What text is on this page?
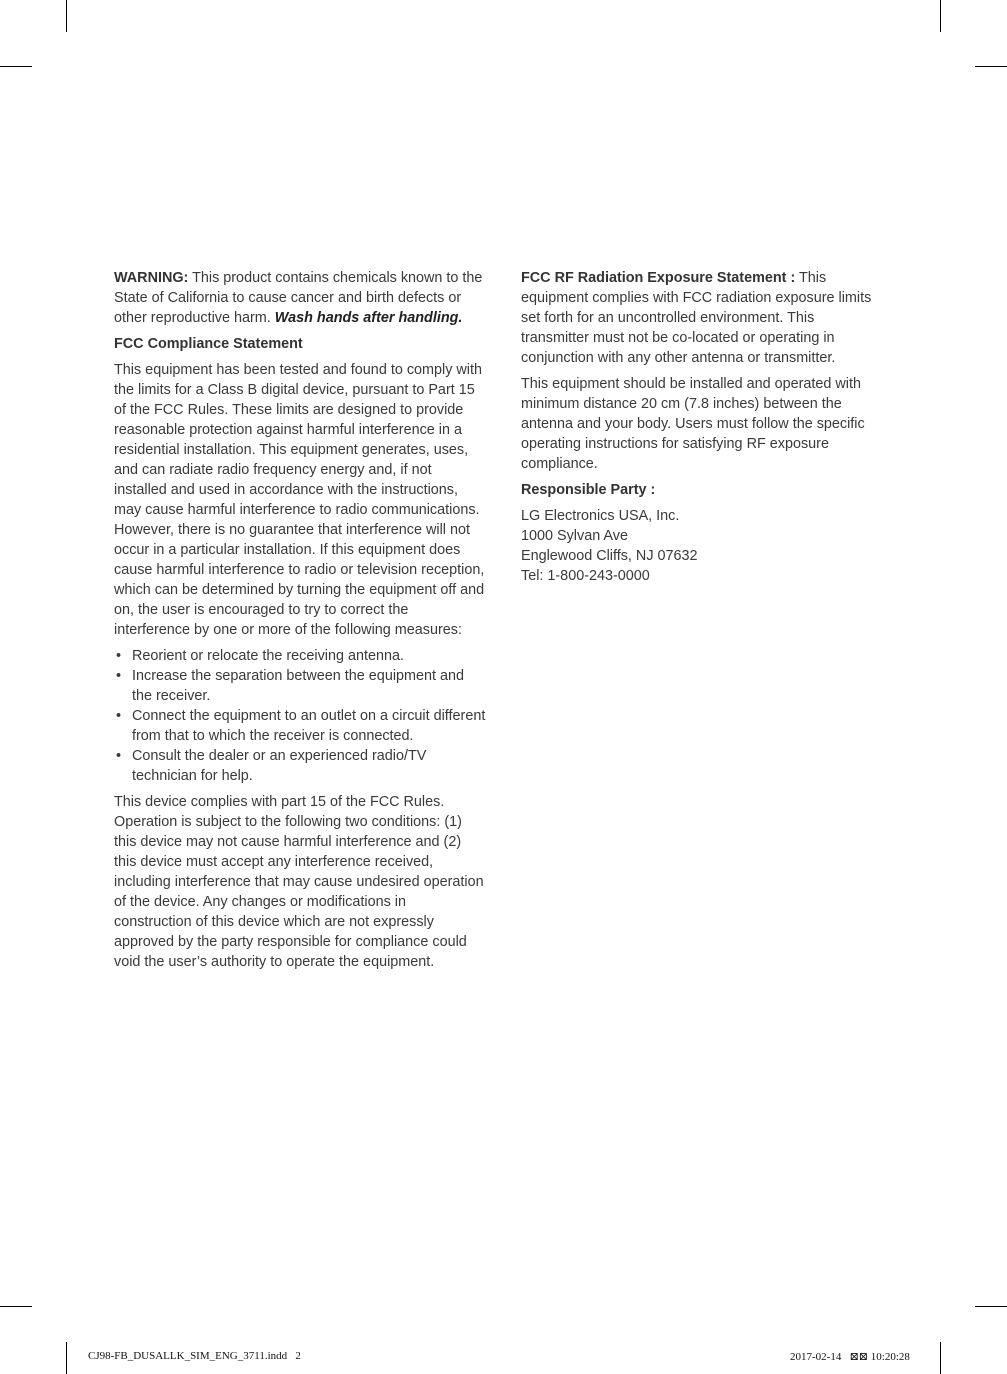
WARNING: This product contains chemicals known to the State of California to cause cancer and birth defects or other reproductive harm. Wash hands after handling.

FCC Compliance Statement

This equipment has been tested and found to comply with the limits for a Class B digital device, pursuant to Part 15 of the FCC Rules. These limits are designed to provide reasonable protection against harmful interference in a residential installation. This equipment generates, uses, and can radiate radio frequency energy and, if not installed and used in accordance with the instructions, may cause harmful interference to radio communications. However, there is no guarantee that interference will not occur in a particular installation. If this equipment does cause harmful interference to radio or television reception, which can be determined by turning the equipment off and on, the user is encouraged to try to correct the interference by one or more of the following measures:

• Reorient or relocate the receiving antenna.
• Increase the separation between the equipment and the receiver.
• Connect the equipment to an outlet on a circuit different from that to which the receiver is connected.
• Consult the dealer or an experienced radio/TV technician for help.

This device complies with part 15 of the FCC Rules. Operation is subject to the following two conditions: (1) this device may not cause harmful interference and (2) this device must accept any interference received, including interference that may cause undesired operation of the device. Any changes or modifications in construction of this device which are not expressly approved by the party responsible for compliance could void the user’s authority to operate the equipment.

FCC RF Radiation Exposure Statement : This equipment complies with FCC radiation exposure limits set forth for an uncontrolled environment. This transmitter must not be co-located or operating in conjunction with any other antenna or transmitter.

This equipment should be installed and operated with minimum distance 20 cm (7.8 inches) between the antenna and your body. Users must follow the specific operating instructions for satisfying RF exposure compliance.

Responsible Party :

LG Electronics USA, Inc.
1000 Sylvan Ave
Englewood Cliffs, NJ 07632
Tel: 1-800-243-0000
CJ98-FB_DUSALLK_SIM_ENG_3711.indd   2	2017-02-14   ⊠⊠ 10:20:28
